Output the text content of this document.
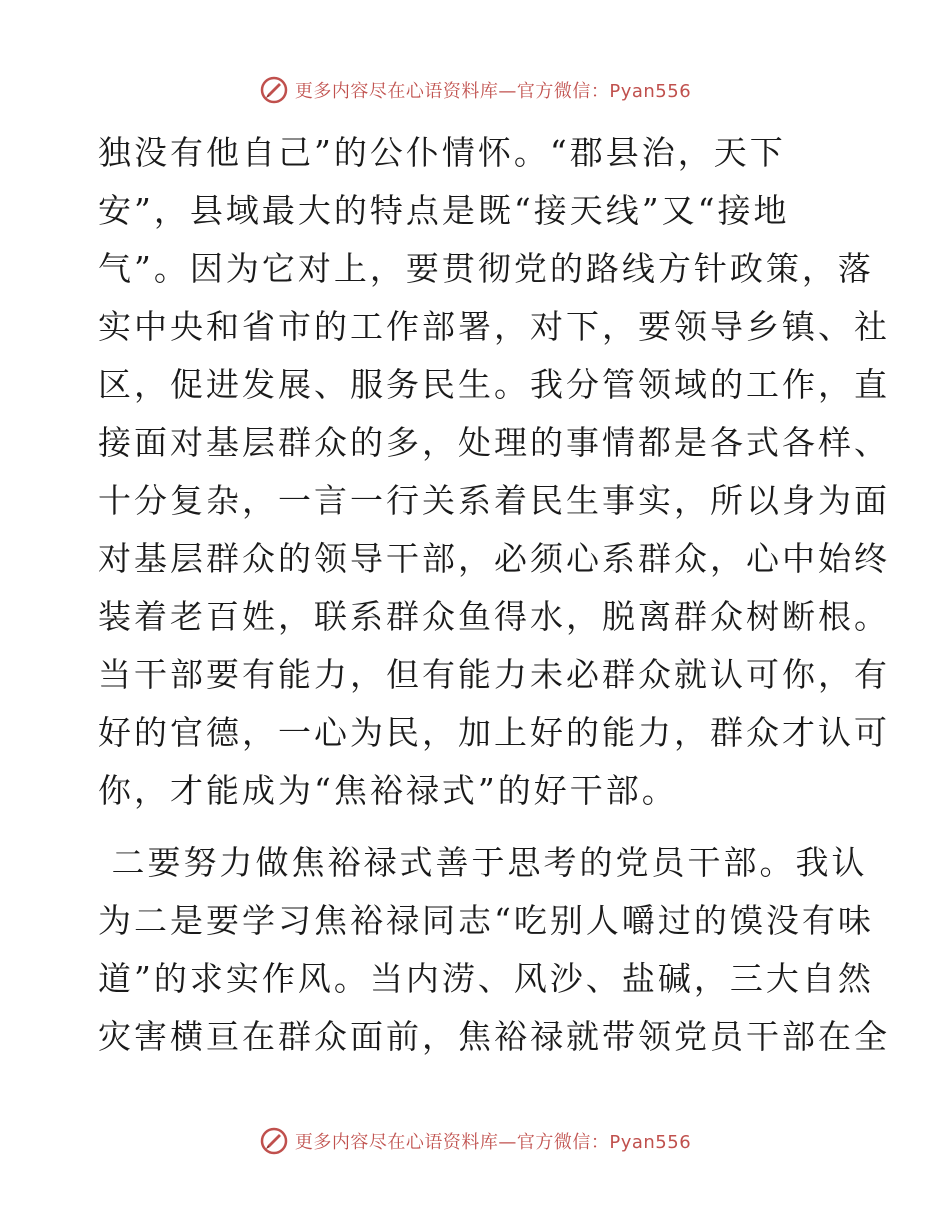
更多内容尽在心语资料库—官方微信：Pyan556

独没有他自己”的公仆情怀。“郡县治，天下
安”，县域最大的特点是既“接天线”又“接地
气”。因为它对上，要贯彻党的路线方针政策，落
实中央和省市的工作部署，对下，要领导乡镇、社
区，促进发展、服务民生。我分管领域的工作，直
接面对基层群众的多，处理的事情都是各式各样、
十分复杂，一言一行关系着民生事实，所以身为面
对基层群众的领导干部，必须心系群众，心中始终
装着老百姓，联系群众鱼得水，脱离群众树断根。
当干部要有能力，但有能力未必群众就认可你，有
好的官德，一心为民，加上好的能力，群众才认可
你，才能成为“焦裕禄式”的好干部。

二要努力做焦裕禄式善于思考的党员干部。我认
为二是要学习焦裕禄同志“吃别人嚼过的馍没有味
道”的求实作风。当内涝、风沙、盐碱，三大自然
灾害横亘在群众面前，焦裕禄就带领党员干部在全

更多内容尽在心语资料库—官方微信：Pyan556
